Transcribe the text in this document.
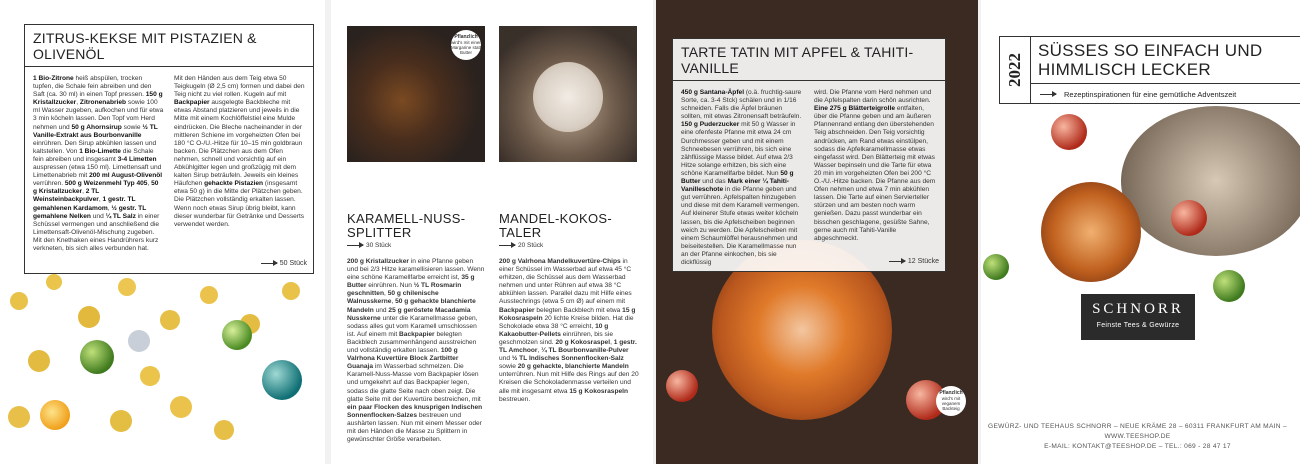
ZITRUS-KEKSE MIT PISTAZIEN & OLIVENÖL
1 Bio-Zitrone heiß abspülen, trocken tupfen, die Schale fein abreiben und den Saft (ca. 30 ml) in einen Topf pressen. 150 g Kristallzucker, Zitronenabrieb sowie 100 ml Wasser zugeben, aufkochen und für etwa 3 min köcheln lassen. Den Topf vom Herd nehmen und 50 g Ahornsirup sowie ½ TL Vanille-Extrakt aus Bourbonvanille einrühren. Den Sirup abkühlen lassen und kaltstellen. Von 1 Bio-Limette die Schale fein abreiben und insgesamt 3-4 Limetten auspressen (etwa 150 ml). Limettensaft und Limettenabrieb mit 200 ml August-Olivenöl verrühren. 500 g Weizenmehl Typ 405, 50 g Kristallzucker, 2 TL Weinsteinbackpulver, 1 gestr. TL gemahlenen Kardamom, ½ gestr. TL gemahlene Nelken und ¼ TL Salz in einer Schüssel vermengen und anschließend die Limettensaft-Olivenöl-Mischung zugeben. Mit den Knethaken eines Handrührers kurz verkneten, bis sich alles verbunden hat.
Mit den Händen aus dem Teig etwa 50 Teigkugeln (Ø 2,5 cm) formen und dabei den Teig nicht zu viel rollen. Kugeln auf mit Backpapier ausgelegte Backbleche mit etwas Abstand platzieren und jeweils in die Mitte mit einem Kochlöffelstiel eine Mulde eindrücken. Die Bleche nacheinander in der mittleren Schiene im vorgeheizten Ofen bei 180 °C O-/U.-Hitze für 10–15 min goldbraun backen. Die Plätzchen aus dem Ofen nehmen, schnell und vorsichtig auf ein Abkühlgitter legen und großzügig mit dem kalten Sirup beträufeln. Jeweils ein kleines Häufchen gehackte Pistazien (insgesamt etwa 50 g) in die Mitte der Plätzchen geben. Die Plätzchen vollständig erkalten lassen. Wenn noch etwas Sirup übrig bleibt, kann dieser wunderbar für Getränke und Desserts verwendet werden.
50 Stück
Pflanzlich
wird's mit einer Margarine statt Butter
KARAMELL-NUSS-SPLITTER
30 Stück
200 g Kristallzucker in eine Pfanne geben und bei 2/3 Hitze karamellisieren lassen. Wenn eine schöne Karamellfarbe erreicht ist, 35 g Butter einrühren. Nun ½ TL Rosmarin geschnitten, 50 g chilenische Walnusskerne, 50 g gehackte blanchierte Mandeln und 25 g geröstete Macadamia Nusskerne unter die Karamellmasse geben, sodass alles gut vom Karamell umschlossen ist. Auf einem mit Backpapier belegten Backblech zusammenhängend ausstreichen und vollständig erkalten lassen. 100 g Valrhona Kuvertüre Block Zartbitter Guanaja im Wasserbad schmelzen. Die Karamell-Nuss-Masse vom Backpapier lösen und umgekehrt auf das Backpapier legen, sodass die glatte Seite nach oben zeigt. Die glatte Seite mit der Kuvertüre bestreichen, mit ein paar Flocken des knusprigen Indischen Sonnenflocken-Salzes bestreuen und aushärten lassen. Nun mit einem Messer oder mit den Händen die Masse zu Splittern in gewünschter Größe verarbeiten.
MANDEL-KOKOS-TALER
20 Stück
200 g Valrhona Mandelkuvertüre-Chips in einer Schüssel im Wasserbad auf etwa 45 °C erhitzen, die Schüssel aus dem Wasserbad nehmen und unter Rühren auf etwa 38 °C abkühlen lassen. Parallel dazu mit Hilfe eines Ausstechrings (etwa 5 cm Ø) auf einem mit Backpapier belegten Backblech mit etwa 15 g Kokosraspeln 20 lichte Kreise bilden. Hat die Schokolade etwa 38 °C erreicht, 10 g Kakaobutter-Pellets einrühren, bis sie geschmolzen sind. 20 g Kokosraspel, 1 gestr. TL Amchoor, ¼ TL Bourbonvanille-Pulver und ½ TL Indisches Sonnenflocken-Salz sowie 20 g gehackte, blanchierte Mandeln unterrühren. Nun mit Hilfe des Rings auf den 20 Kreisen die Schokoladenmasse verteilen und alle mit insgesamt etwa 15 g Kokosraspeln bestreuen.
Pflanzlich
wird's mit veganem Backteig
TARTE TATIN MIT APFEL & TAHITI-VANILLE
450 g Santana-Äpfel (o.ä. fruchtig-saure Sorte, ca. 3-4 Stck) schälen und in 1/16 schneiden. Falls die Äpfel bräunen sollten, mit etwas Zitronensaft beträufeln. 150 g Puderzucker mit 50 g Wasser in eine ofenfeste Pfanne mit etwa 24 cm Durchmesser geben und mit einem Schneebesen verrühren, bis sich eine zähflüssige Masse bildet. Auf etwa 2/3 Hitze solange erhitzen, bis sich eine schöne Karamellfarbe bildet. Nun 50 g Butter und das Mark einer ¼ Tahiti-Vanilleschote in die Pfanne geben und gut verrühren. Apfelspalten hinzugeben und diese mit dem Karamell vermengen. Auf kleinerer Stufe etwas weiter köcheln lassen, bis die Apfelscheiben beginnen weich zu werden. Die Apfelscheiben mit einem Schaumlöffel herausnehmen und beiseitestellen. Die Karamellmasse nun an der Pfanne einkochen, bis sie dickflüssig
wird. Die Pfanne vom Herd nehmen und die Apfelspalten darin schön ausrichten. Eine 275 g Blätterteigrolle entfalten, über die Pfanne geben und am äußeren Pfannenrand entlang den überstehenden Teig abschneiden. Den Teig vorsichtig andrücken, am Rand etwas einstülpen, sodass die Apfelkaramellmasse etwas eingefasst wird. Den Blätterteig mit etwas Wasser bepinseln und die Tarte für etwa 20 min im vorgeheizten Ofen bei 200 °C O.-/U.-Hitze backen. Die Pfanne aus dem Ofen nehmen und etwa 7 min abkühlen lassen. Die Tarte auf einen Servierteller stürzen und am besten noch warm genießen. Dazu passt wunderbar ein bisschen geschlagene, gesüßte Sahne, gerne auch mit Tahiti-Vanille abgeschmeckt.
12 Stücke
2022
SÜSSES SO EINFACH UND
HIMMLISCH LECKER
Rezeptinspirationen für eine gemütliche Adventszeit
SCHNORR
Feinste Tees & Gewürze
GEWÜRZ- UND TEEHAUS SCHNORR – NEUE KRÄME 28 – 60311 FRANKFURT AM MAIN – WWW.TEESHOP.DE
E-MAIL: KONTAKT@TEESHOP.DE – TEL.: 069 - 28 47 17
